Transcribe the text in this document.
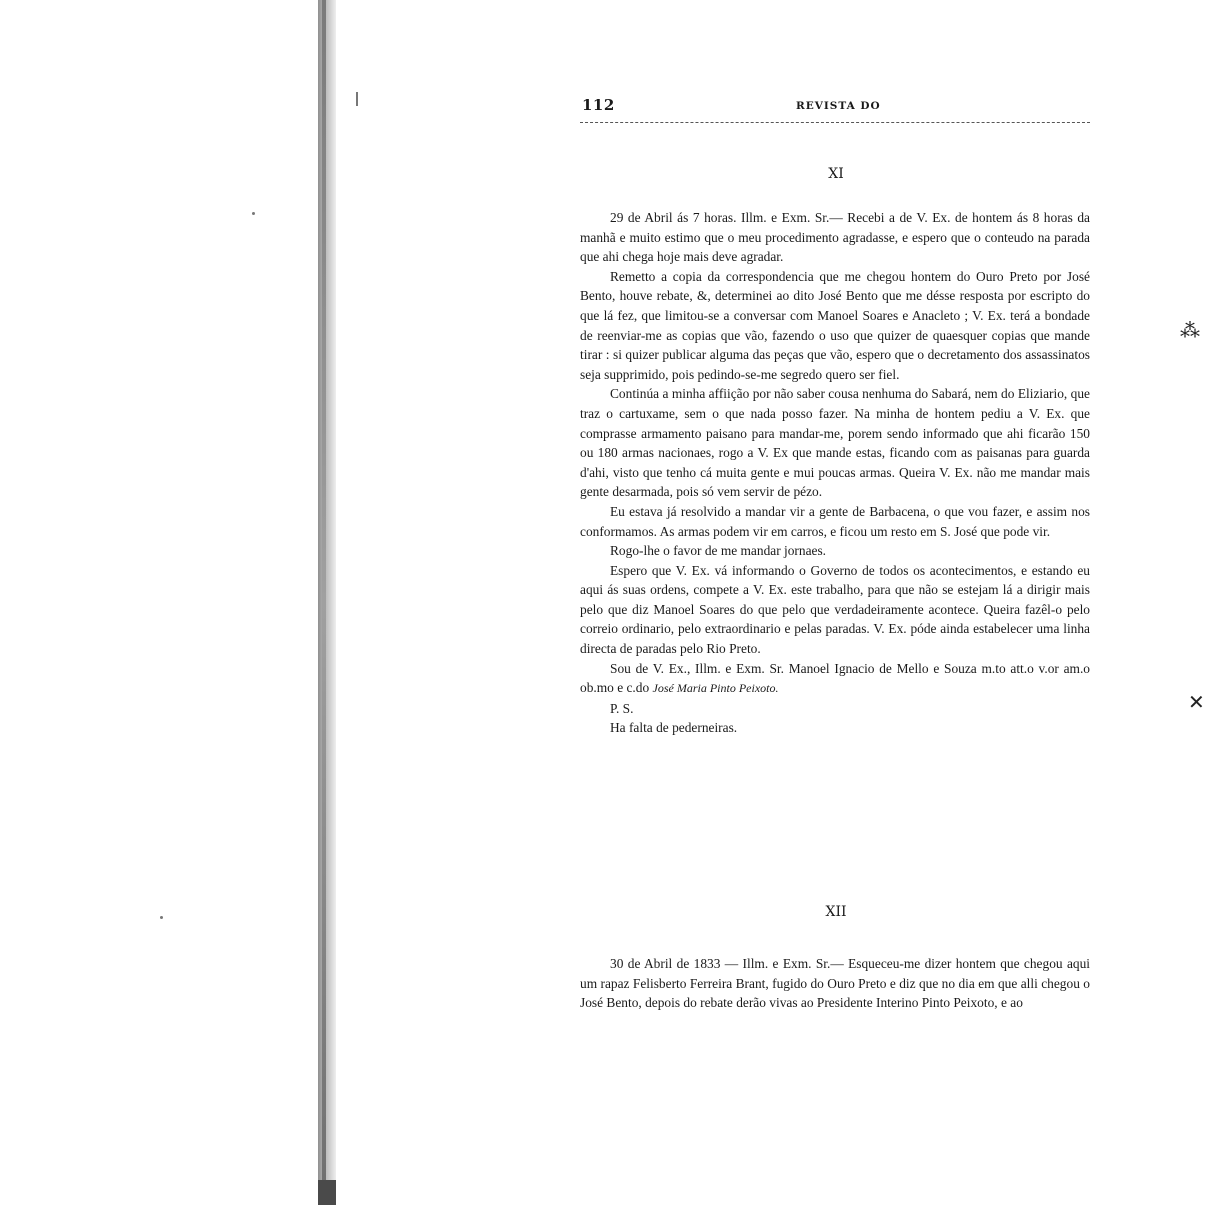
⁂
✕
112	REVISTA DO
XI

29 de Abril ás 7 horas. Illm. e Exm. Sr.— Recebi a de V. Ex. de hontem ás 8 horas da manhã e muito estimo que o meu procedimento agradasse, e espero que o conteudo na parada que ahi chega hoje mais deve agradar.

Remetto a copia da correspondencia que me chegou hontem do Ouro Preto por José Bento, houve rebate, &, determinei ao dito José Bento que me désse resposta por escripto do que lá fez, que limitou-se a conversar com Manoel Soares e Anacleto ; V. Ex. terá a bondade de reenviar-me as copias que vão, fazendo o uso que quizer de quaesquer copias que mande tirar : si quizer publicar alguma das peças que vão, espero que o decretamento dos assassinatos seja supprimido, pois pedindo-se-me segredo quero ser fiel.

Continúa a minha affiição por não saber cousa nenhuma do Sabará, nem do Eliziario, que traz o cartuxame, sem o que nada posso fazer. Na minha de hontem pediu a V. Ex. que comprasse armamento paisano para mandar-me, porem sendo informado que ahi ficarão 150 ou 180 armas nacionaes, rogo a V. Ex que mande estas, ficando com as paisanas para guarda d'ahi, visto que tenho cá muita gente e mui poucas armas. Queira V. Ex. não me mandar mais gente desarmada, pois só vem servir de pézo.

Eu estava já resolvido a mandar vir a gente de Barbacena, o que vou fazer, e assim nos conformamos. As armas podem vir em carros, e ficou um resto em S. José que pode vir.

Rogo-lhe o favor de me mandar jornaes.

Espero que V. Ex. vá informando o Governo de todos os acontecimentos, e estando eu aqui ás suas ordens, compete a V. Ex. este trabalho, para que não se estejam lá a dirigir mais pelo que diz Manoel Soares do que pelo que verdadeiramente acontece. Queira fazêl-o pelo correio ordinario, pelo extraordinario e pelas paradas. V. Ex. póde ainda estabelecer uma linha directa de paradas pelo Rio Preto.

Sou de V. Ex., Illm. e Exm. Sr. Manoel Ignacio de Mello e Souza m.to att.o v.or am.o ob.mo e c.do José Maria Pinto Peixoto.

P. S.

Ha falta de pederneiras.

XII

30 de Abril de 1833 — Illm. e Exm. Sr.— Esqueceu-me dizer hontem que chegou aqui um rapaz Felisberto Ferreira Brant, fugido do Ouro Preto e diz que no dia em que alli chegou o José Bento, depois do rebate derão vivas ao Presidente Interino Pinto Peixoto, e ao
